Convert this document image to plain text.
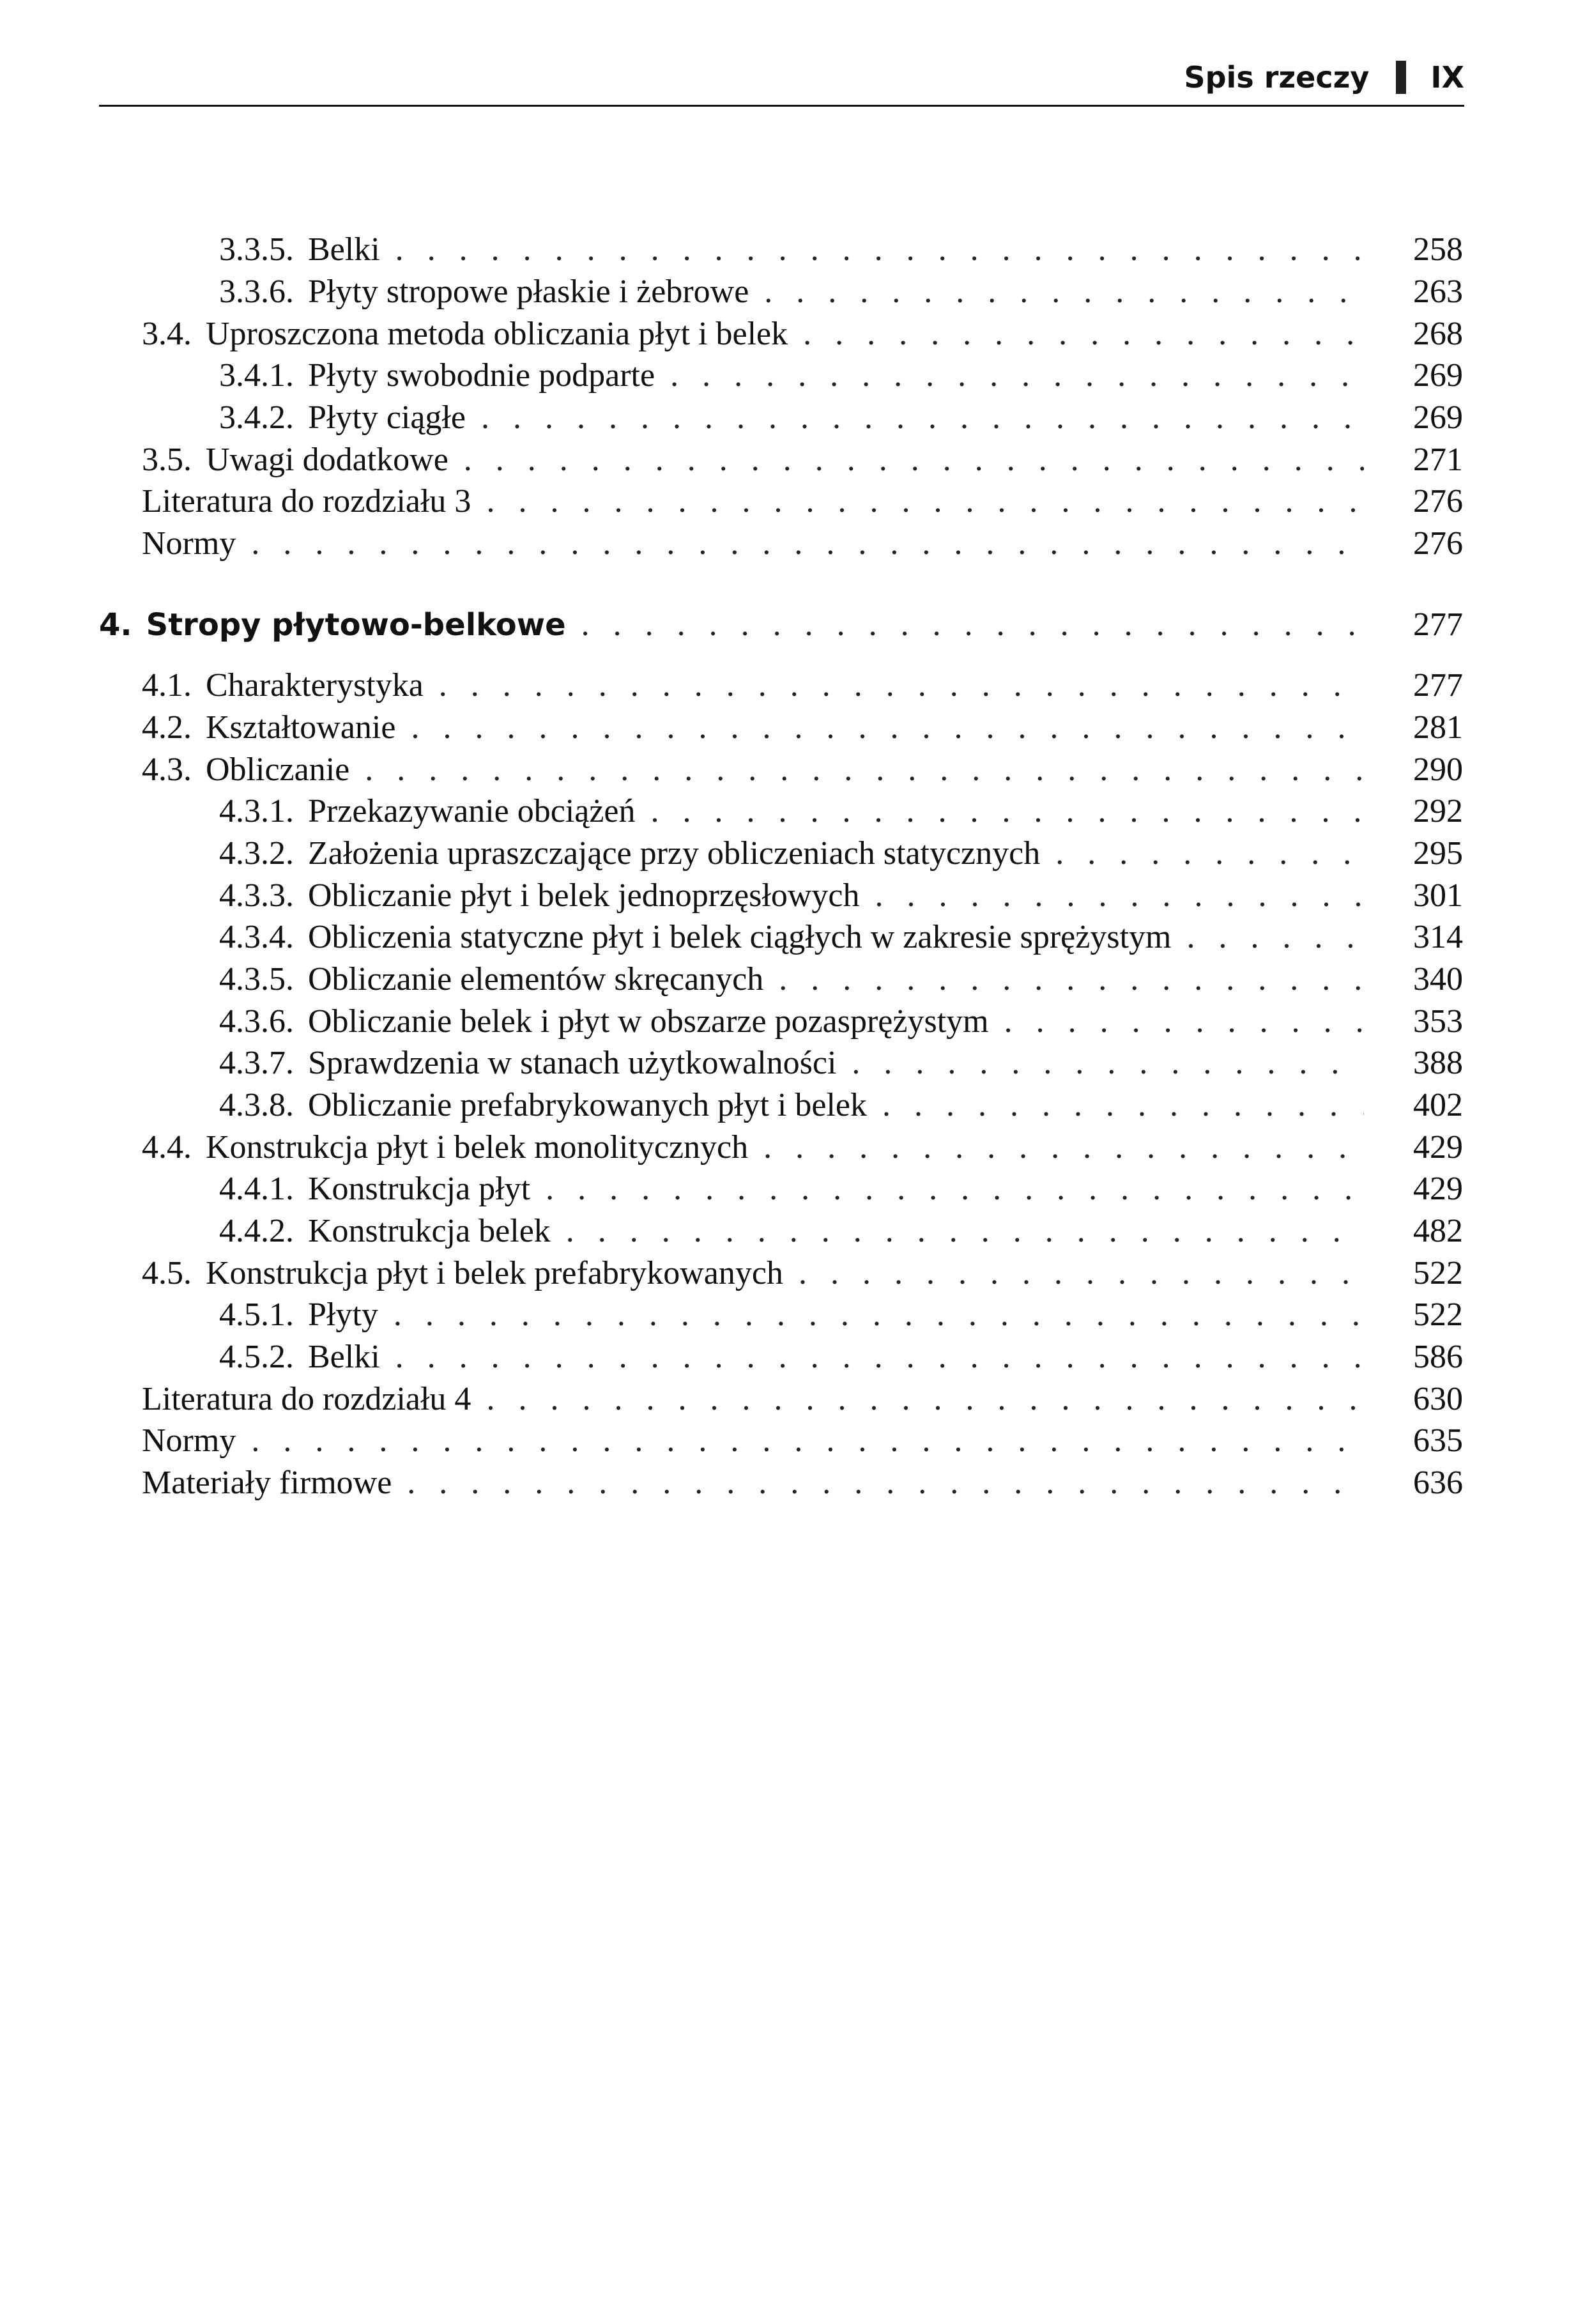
Spis rzeczy IX
3.3.5. Belki . . .	258
3.3.6. Płyty stropowe płaskie i żebrowe . . .	263
3.4. Uproszczona metoda obliczania płyt i belek . . .	268
3.4.1. Płyty swobodnie podparte . . .	269
3.4.2. Płyty ciągłe . . .	269
3.5. Uwagi dodatkowe . . .	271
Literatura do rozdziału 3 . . .	276
Normy . . .	276
4. Stropy płytowo-belkowe . . .	277
4.1. Charakterystyka . . .	277
4.2. Kształtowanie . . .	281
4.3. Obliczanie . . .	290
4.3.1. Przekazywanie obciążeń . . .	292
4.3.2. Założenia upraszczające przy obliczeniach statycznych . . .	295
4.3.3. Obliczanie płyt i belek jednoprzęsłowych . . .	301
4.3.4. Obliczenia statyczne płyt i belek ciągłych w zakresie sprężystym . . .	314
4.3.5. Obliczanie elementów skręcanych . . .	340
4.3.6. Obliczanie belek i płyt w obszarze pozasprężystym . . .	353
4.3.7. Sprawdzenia w stanach użytkowalności . . .	388
4.3.8. Obliczanie prefabrykowanych płyt i belek . . .	402
4.4. Konstrukcja płyt i belek monolitycznych . . .	429
4.4.1. Konstrukcja płyt . . .	429
4.4.2. Konstrukcja belek . . .	482
4.5. Konstrukcja płyt i belek prefabrykowanych . . .	522
4.5.1. Płyty . . .	522
4.5.2. Belki . . .	586
Literatura do rozdziału 4 . . .	630
Normy . . .	635
Materiały firmowe . . .	636
